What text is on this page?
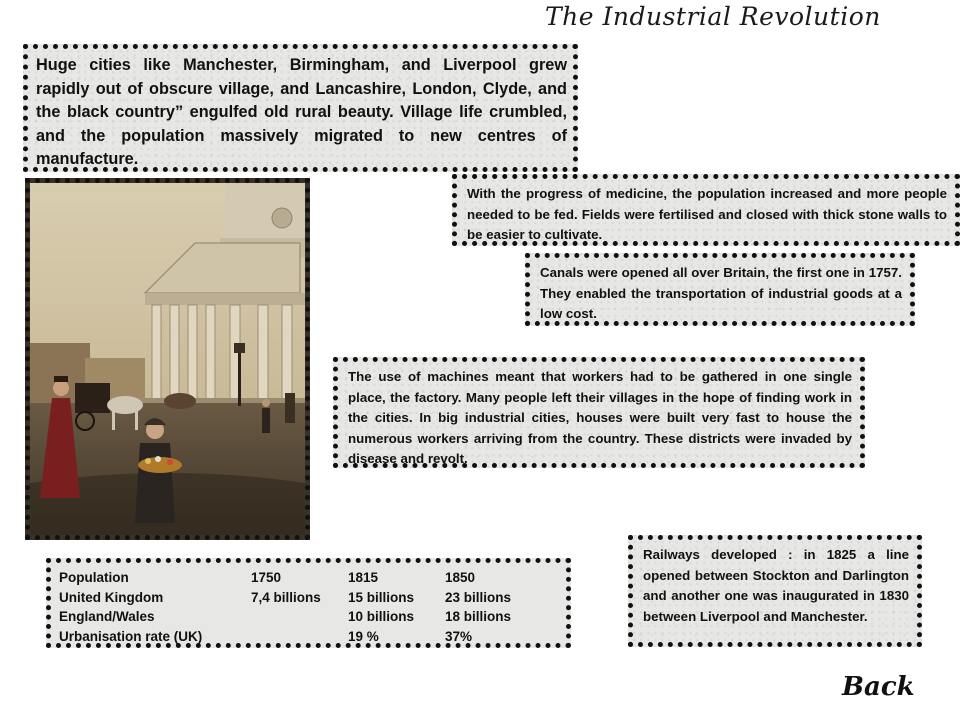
The Industrial Revolution
Huge cities like Manchester, Birmingham, and Liverpool grew rapidly out of obscure village, and Lancashire, London, Clyde, and the black country” engulfed old rural beauty. Village life crumbled, and the population massively migrated to new centres of manufacture.
With the progress of medicine, the population increased and more people needed to be fed. Fields were fertilised and closed with thick stone walls to be easier to cultivate.
Canals were opened all over Britain, the first one in 1757. They enabled the transportation of industrial goods at a low cost.
The use of machines meant that workers had to be gathered in one single place, the factory. Many people left their villages in the hope of finding work in the cities. In big industrial cities, houses were built very fast to house the numerous workers arriving from the country. These districts were invaded by disease and revolt.
Railways developed : in 1825 a line opened between Stockton and Darlington and another one was inaugurated in 1830 between Liverpool and Manchester.
Population	1750	1815	1850
United Kingdom	7,4 billions	15 billions	23 billions
England/Wales		10 billions	18 billions
Urbanisation rate (UK)		19 %	37%
Back
